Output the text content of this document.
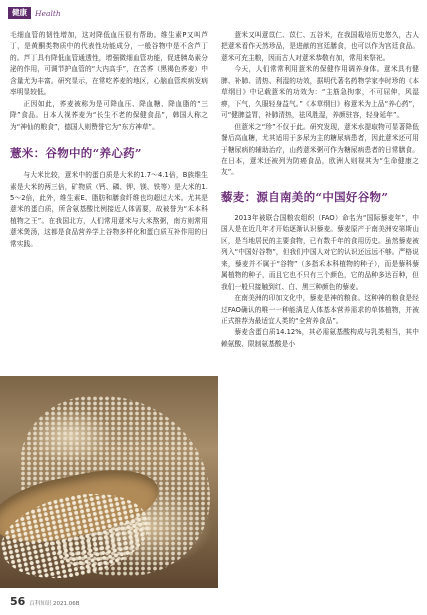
健康	Health

毛细血管的韧性增加，这对降低血压很有帮助。维生素P又叫芦丁，是黄酮类物质中的代表性功能成分，一般谷物中是不含芦丁的。芦丁具有降低血管通透性，增强微细血管功能，促进胰岛素分泌的作用，可调节护血管的“大内高手”，在苦荞（黑褐色荞麦）中含量尤为丰富。研究显示，在常吃荞麦的地区，心脑血管疾病发病率明显较低。

正因如此，荞麦被称为是可降血压、降血糖、降血脂的“三降”食品。日本人视荞麦为“长生不老的保健食品”，韩国人称之为“神仙的粮食”，德国人则赞誉它为“东方神草”。

薏米：谷物中的“养心药”

与大米比较，薏米中的蛋白质是大米的1.7～4.1倍，B族维生素是大米的两三倍，矿物质（钙、磷、钾、镁、铁等）是大米的1.5～2倍，此外，维生素E、脂肪和膳食纤维也均超过大米。尤其是薏米的蛋白质，所含氨基酸比例接近人体需要，故被誉为“禾本科植物之王”。在我国北方，人们常用薏米与大米熬粥，南方则常用薏米煲汤，这都是食品营养学上谷物多样化和蛋白质互补作用的日常实践。

薏米又叫薏苡仁、苡仁、五谷米，在我国栽培历史悠久，古人把薏米看作天然珍品，是进献的宫廷膳食，也可以作为宫廷食品。薏米可充主粮，因而古人对薏米恭敬有加，常用来祭祀。

今天，人们常常利用薏米的保健作用调养身体。薏米具有健脾、补肺、清热、利湿的功效，据明代著名药物学家李时珍的《本草纲目》中记载薏米的功效为：“主筋急拘挛，不可屈伸，风湿痹，下气，久服轻身益气。”《本草纲目》称薏米为上品“养心药”，可“健脾益胃，补肺清热，祛风胜湿，养颜驻容，轻身延年”。

但薏米之“珍”不仅于此。研究发现，薏米水提取物可显著降低餐后高血糖，尤其适用于多尿为主的糖尿病患者，因此薏米还可用于糖尿病的辅助治疗，山药薏米粥可作为糖尿病患者的日常膳食。在日本，薏米还被列为防癌食品，欧洲人则视其为“生命健康之友”。

藜麦：源自南美的“中国好谷物”

2013年被联合国粮农组织（FAO）命名为“国际藜麦年”，中国人是在近几年才开始逐渐认识藜麦。藜麦原产于南美洲安第斯山区，是当地居民的主要食物，已有数千年的食用历史。虽然藜麦被列入“中国好谷物”，但我们中国人对它的认识还远远不够。严格说来，藜麦并不属于“谷物”（多指禾本科植物的种子），而是藜科藜属植物的种子，而且它也不只有三个颜色，它的品种多达百种，但我们一般只接触到红、白、黑三种颜色的藜麦。

在南美洲的印加文化中，藜麦是神的粮食。这种神的粮食是经过FAO确认的唯一一种能满足人体基本营养需求的单体植物，并被正式推荐为最适宜人类的“全营养食品”。

藜麦含蛋白质14.12%，其必需氨基酸构成与乳类相当，其中赖氨酸、限制氨基酸是小

56 百科知识 2021.06B
